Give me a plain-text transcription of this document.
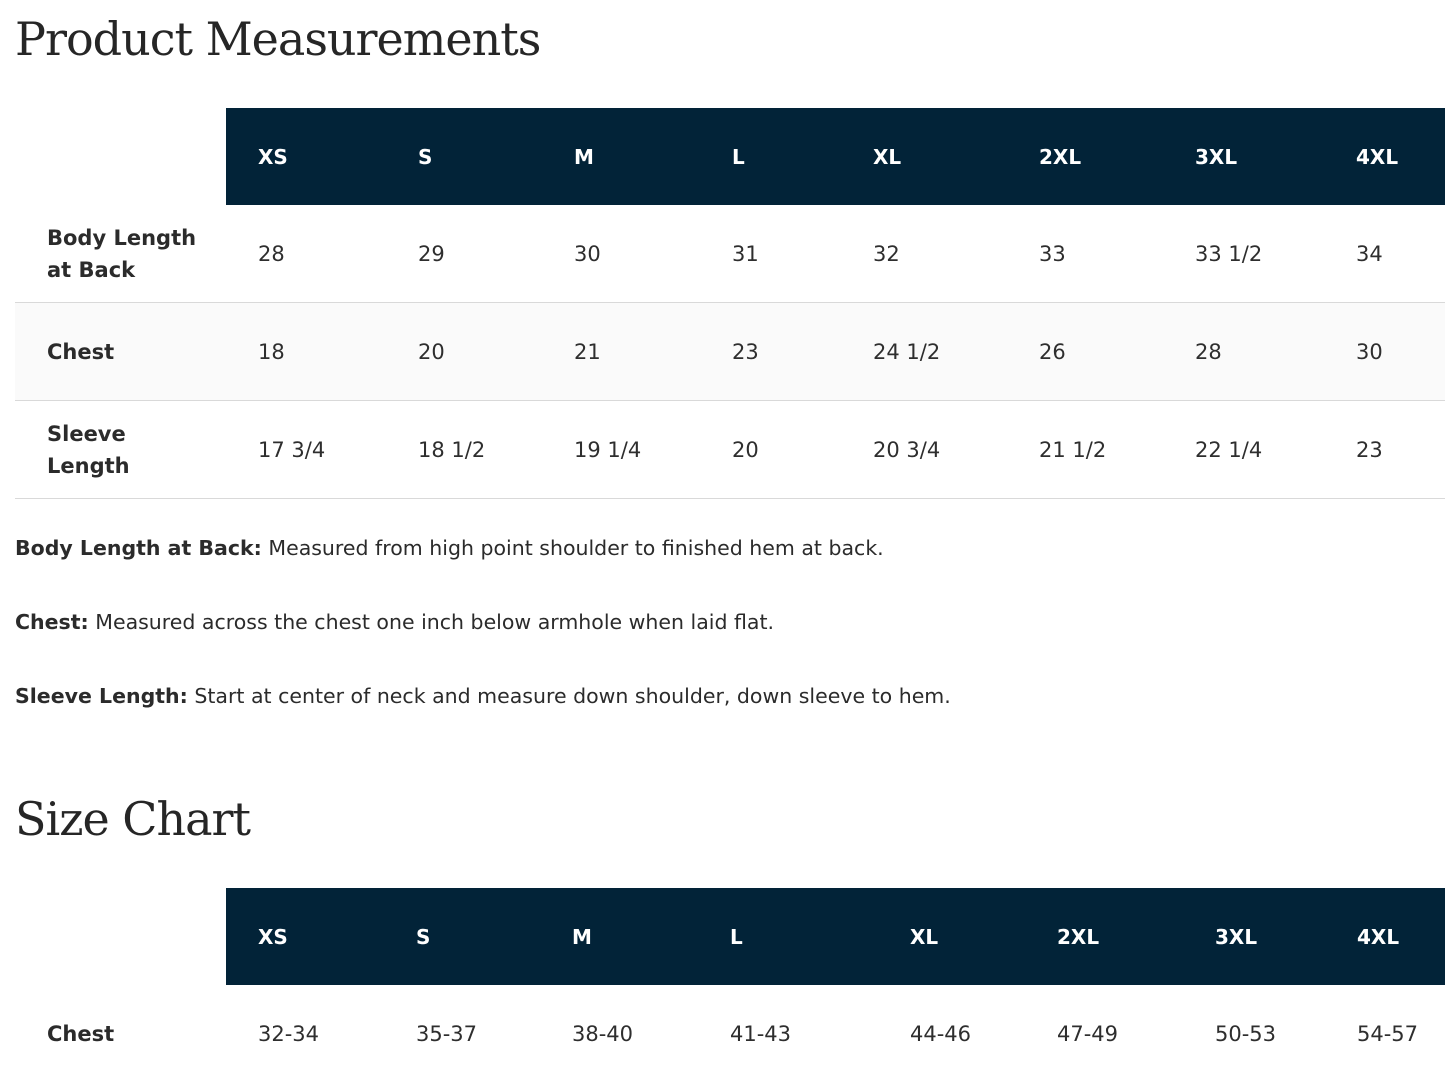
Product Measurements
	XS	S	M	L	XL	2XL	3XL	4XL
Body Length at Back	28	29	30	31	32	33	33 1/2	34
Chest	18	20	21	23	24 1/2	26	28	30
Sleeve Length	17 3/4	18 1/2	19 1/4	20	20 3/4	21 1/2	22 1/4	23

Body Length at Back: Measured from high point shoulder to finished hem at back.

Chest: Measured across the chest one inch below armhole when laid flat.

Sleeve Length: Start at center of neck and measure down shoulder, down sleeve to hem.

Size Chart
	XS	S	M	L	XL	2XL	3XL	4XL
Chest	32-34	35-37	38-40	41-43	44-46	47-49	50-53	54-57
